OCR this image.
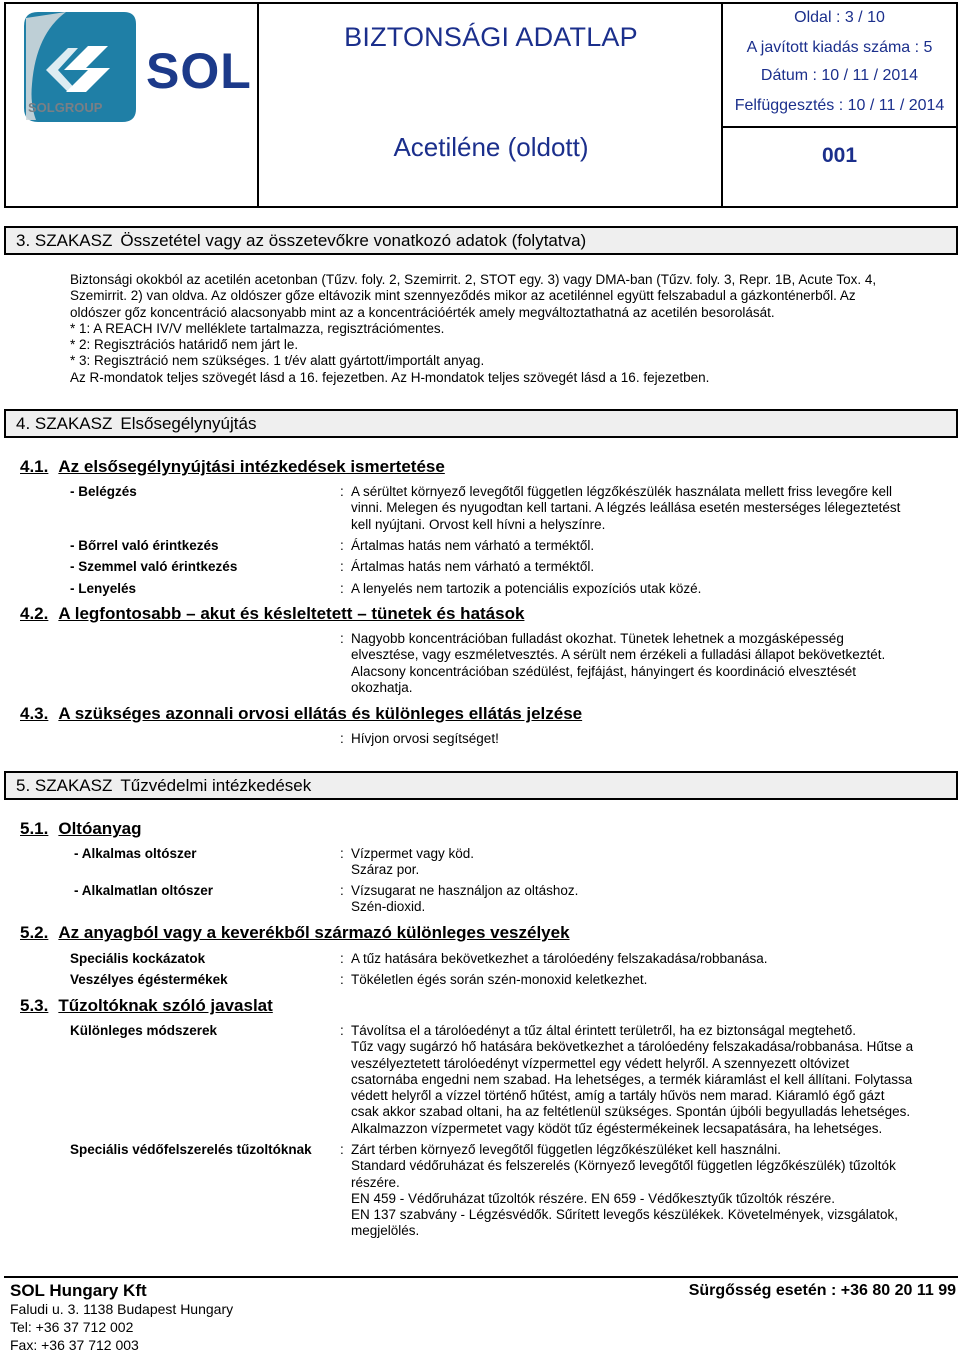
SOL
SOLGROUP
BIZTONSÁGI ADATLAP
Acetiléne (oldott)
Oldal : 3 / 10
A javított kiadás száma : 5
Dátum : 10 / 11 / 2014
Felfüggesztés : 10 / 11 / 2014
001
3. SZAKASZ Összetétel vagy az összetevőkre vonatkozó adatok (folytatva)
Biztonsági okokból az acetilén acetonban (Tűzv. foly. 2, Szemirrit. 2, STOT egy. 3) vagy DMA-ban (Tűzv. foly. 3, Repr. 1B, Acute Tox. 4,
Szemirrit. 2) van oldva. Az oldószer gőze eltávozik mint szennyeződés mikor az acetilénnel együtt felszabadul a gázkonténerből. Az
oldószer gőz koncentráció alacsonyabb mint az a koncentrációérték amely megváltoztathatná az acetilén besorolását.
* 1: A REACH IV/V melléklete tartalmazza, regisztrációmentes.
* 2: Regisztrációs határidő nem járt le.
* 3: Regisztráció nem szükséges. 1 t/év alatt gyártott/importált anyag.
Az R-mondatok teljes szövegét lásd a 16. fejezetben. Az H-mondatok teljes szövegét lásd a 16. fejezetben.
4. SZAKASZ Elsősegélynyújtás
4.1. Az elsősegélynyújtási intézkedések ismertetése
- Belégzés	: A sérültet környező levegőtől független légzőkészülék használata mellett friss levegőre kell
vinni. Melegen és nyugodtan kell tartani. A légzés leállása esetén mesterséges lélegeztetést
kell nyújtani. Orvost kell hívni a helyszínre.
- Bőrrel való érintkezés	: Ártalmas hatás nem várható a terméktől.
- Szemmel való érintkezés	: Ártalmas hatás nem várható a terméktől.
- Lenyelés	: A lenyelés nem tartozik a potenciális expozíciós utak közé.
4.2. A legfontosabb – akut és késleltetett – tünetek és hatások
: Nagyobb koncentrációban fulladást okozhat. Tünetek lehetnek a mozgásképesség
elvesztése, vagy eszméletvesztés. A sérült nem érzékeli a fulladási állapot bekövetkeztét.
Alacsony koncentrációban szédülést, fejfájást, hányingert és koordináció elvesztését
okozhatja.
4.3. A szükséges azonnali orvosi ellátás és különleges ellátás jelzése
: Hívjon orvosi segítséget!
5. SZAKASZ Tűzvédelmi intézkedések
5.1. Oltóanyag
- Alkalmas oltószer	: Vízpermet vagy köd.
Száraz por.
- Alkalmatlan oltószer	: Vízsugarat ne használjon az oltáshoz.
Szén-dioxid.
5.2. Az anyagból vagy a keverékből származó különleges veszélyek
Speciális kockázatok	: A tűz hatására bekövetkezhet a tárolóedény felszakadása/robbanása.
Veszélyes égéstermékek	: Tökéletlen égés során szén-monoxid keletkezhet.
5.3. Tűzoltóknak szóló javaslat
Különleges módszerek	: Távolítsa el a tárolóedényt a tűz által érintett területről, ha ez biztonságal megtehető.
Tűz vagy sugárzó hő hatására bekövetkezhet a tárolóedény felszakadása/robbanása. Hűtse a
veszélyeztetett tárolóedényt vízpermettel egy védett helyről. A szennyezett oltóvizet
csatornába engedni nem szabad. Ha lehetséges, a termék kiáramlást el kell állítani. Folytassa
védett helyről a vízzel történő hűtést, amíg a tartály hűvös nem marad. Kiáramló égő gázt
csak akkor szabad oltani, ha az feltétlenül szükséges. Spontán újbóli begyulladás lehetséges.
Alkalmazzon vízpermetet vagy ködöt tűz égéstermékeinek lecsapatására, ha lehetséges.
Speciális védőfelszerelés tűzoltóknak : Zárt térben környező levegőtől független légzőkészüléket kell használni.
Standard védőruházat és felszerelés (Környező levegőtől független légzőkészülék) tűzoltók
részére.
EN 459 - Védőruházat tűzoltók részére. EN 659 - Védőkesztyűk tűzoltók részére.
EN 137 szabvány - Légzésvédők. Sűrített levegős készülékek. Követelmények, vizsgálatok,
megjelölés.
SOL Hungary Kft
Faludi u. 3. 1138 Budapest Hungary
Tel: +36 37 712 002
Fax: +36 37 712 003
Sürgősség esetén : +36 80 20 11 99
